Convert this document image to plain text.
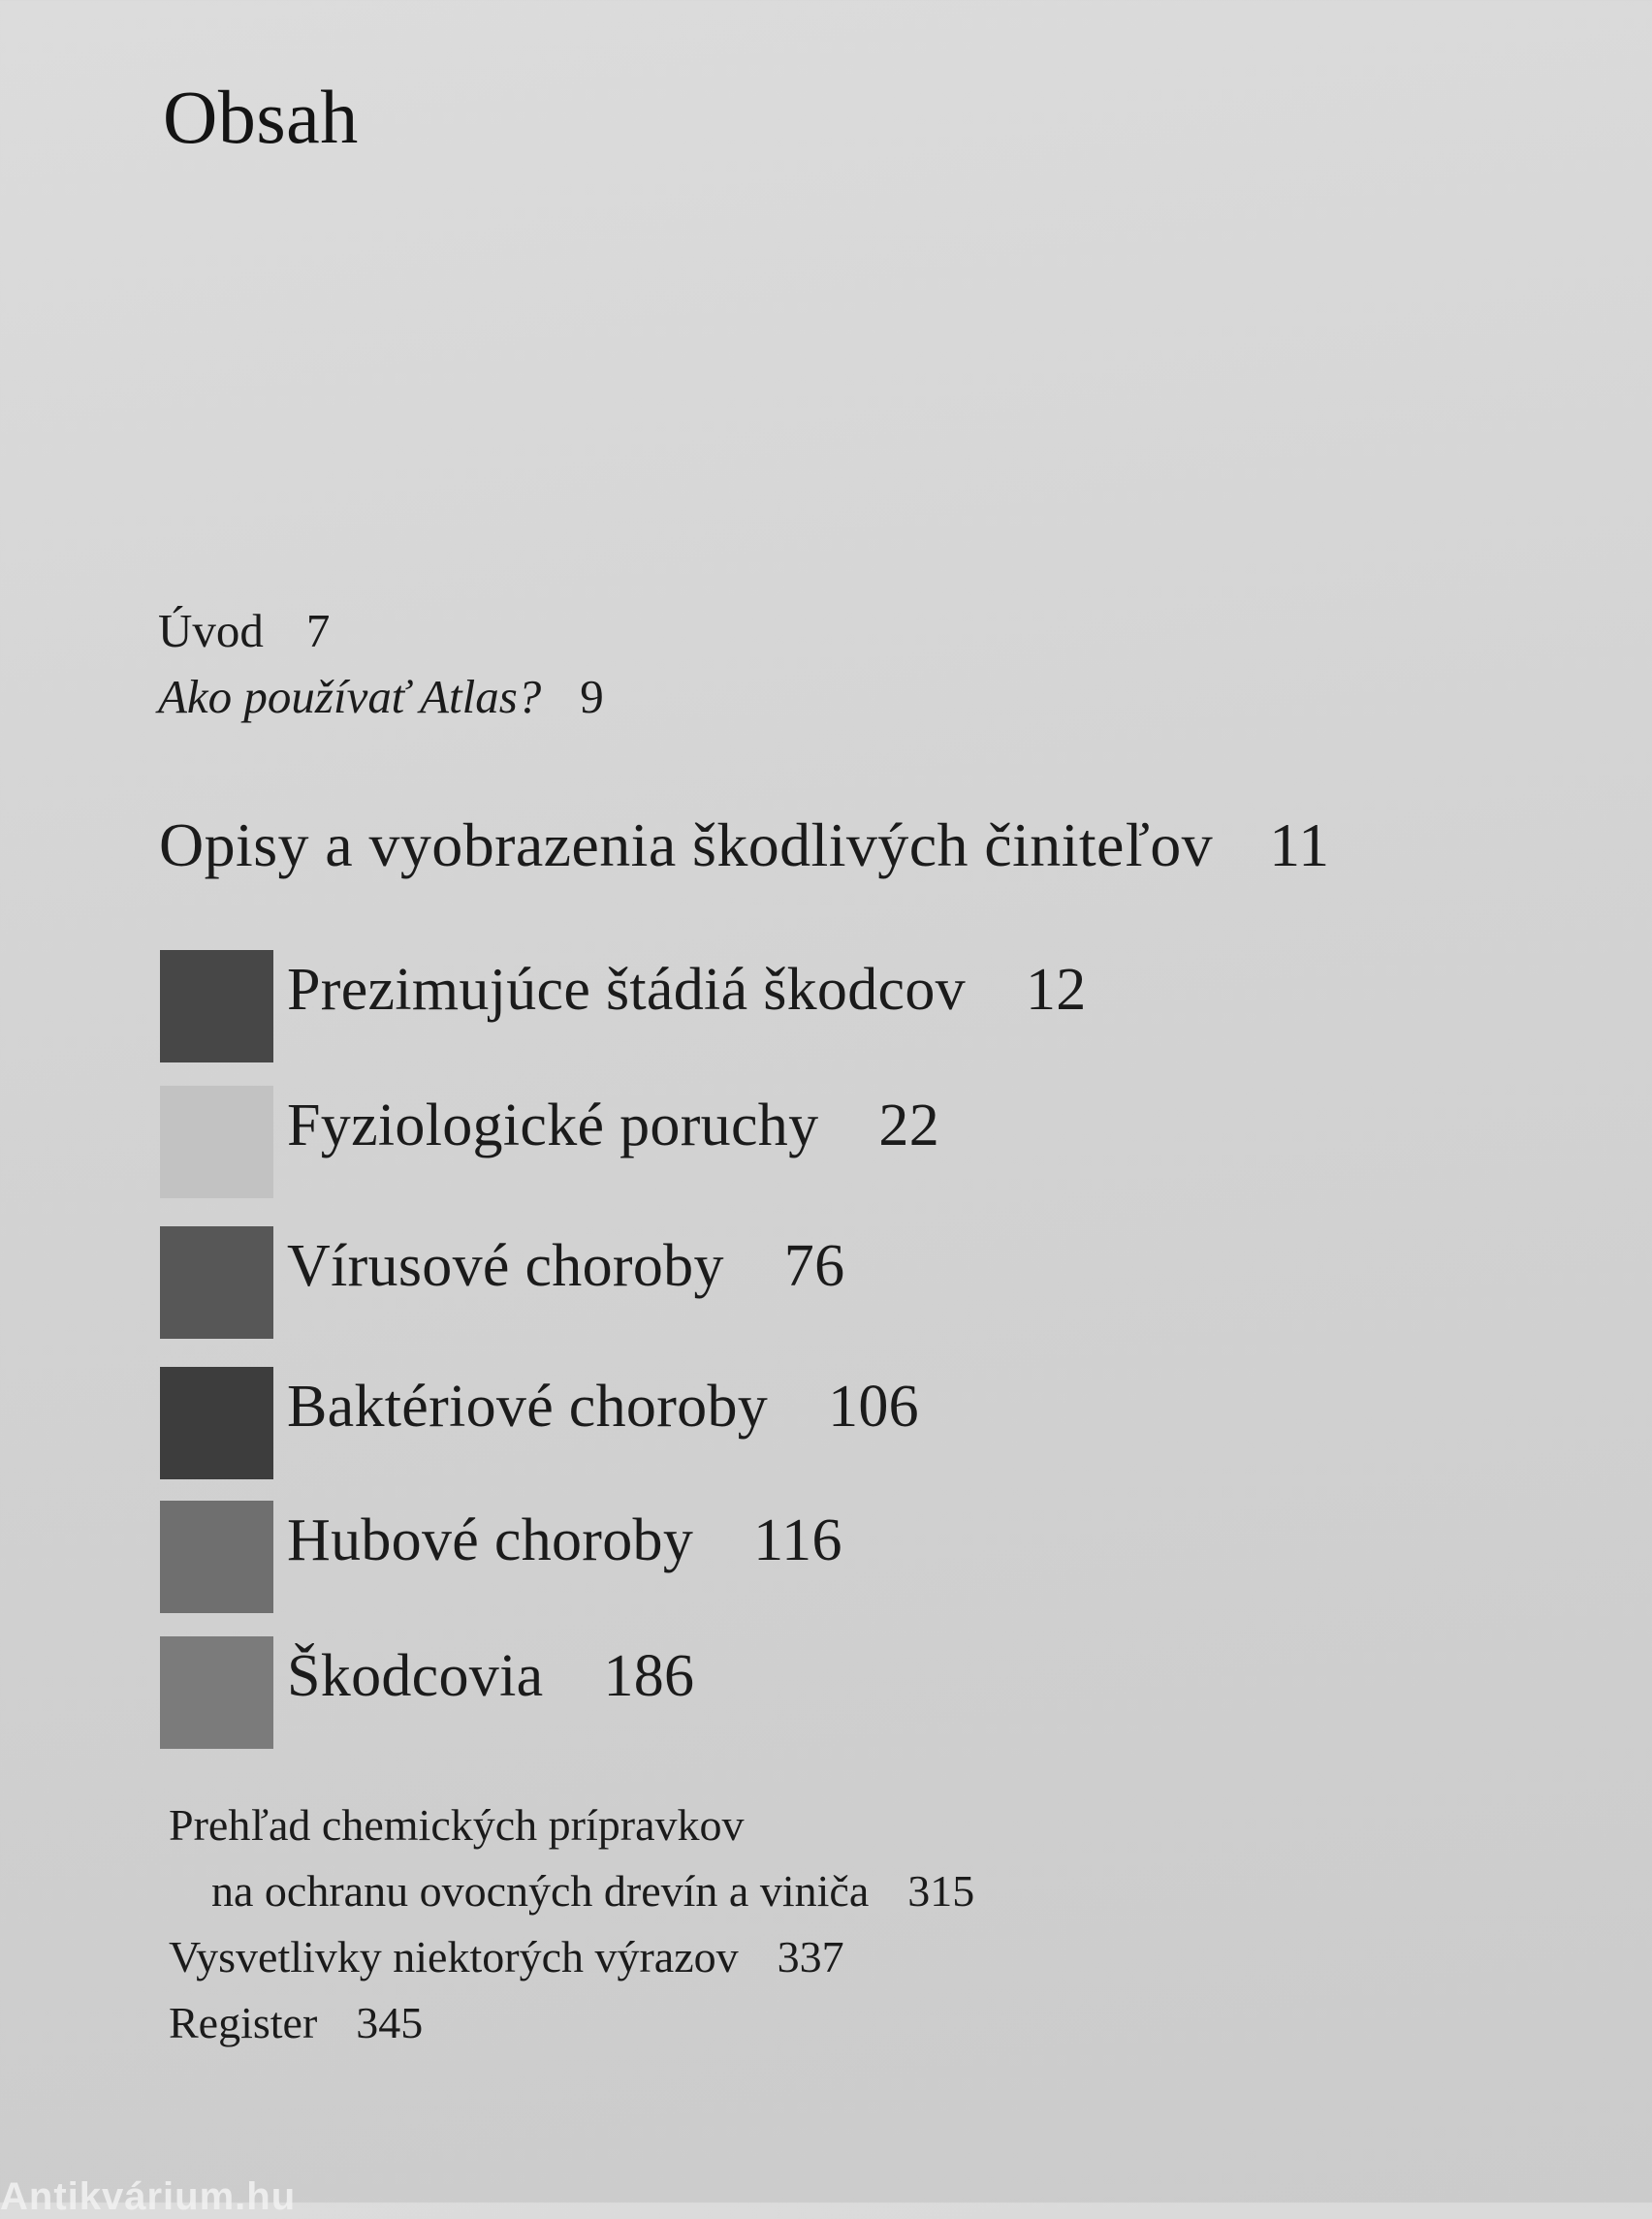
Obsah
Úvod 7
Ako používať Atlas? 9
Opisy a vyobrazenia škodlivých činiteľov 11
Prezimujúce štádiá škodcov 12
Fyziologické poruchy 22
Vírusové choroby 76
Baktériové choroby 106
Hubové choroby 116
Škodcovia 186
Prehľad chemických prípravkov
na ochranu ovocných drevín a viniča 315
Vysvetlivky niektorých výrazov 337
Register 345
Antikvárium.hu
